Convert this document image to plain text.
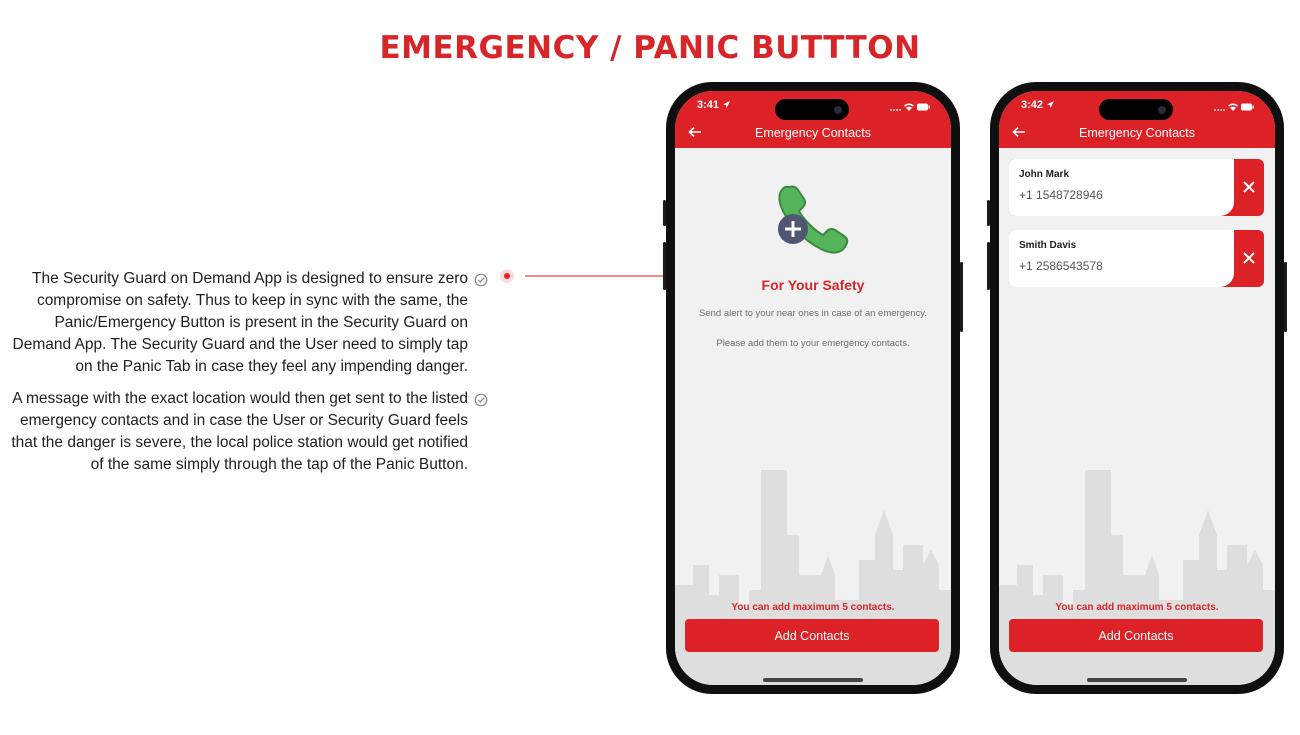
EMERGENCY / PANIC BUTTTON
The Security Guard on Demand App is designed to ensure zero compromise on safety. Thus to keep in sync with the same, the Panic/Emergency Button is present in the Security Guard on Demand App. The Security Guard and the User need to simply tap on the Panic Tab in case they feel any impending danger.
A message with the exact location would then get sent to the listed emergency contacts and in case the User or Security Guard feels that the danger is severe, the local police station would get notified of the same simply through the tap of the Panic Button.
3:41
Emergency Contacts
For Your Safety
Send alert to your near ones in case of an emergency.
Please add them to your emergency contacts.
You can add maximum 5 contacts.
Add Contacts
3:42
Emergency Contacts
John Mark
+1 1548728946
Smith Davis
+1 2586543578
You can add maximum 5 contacts.
Add Contacts
